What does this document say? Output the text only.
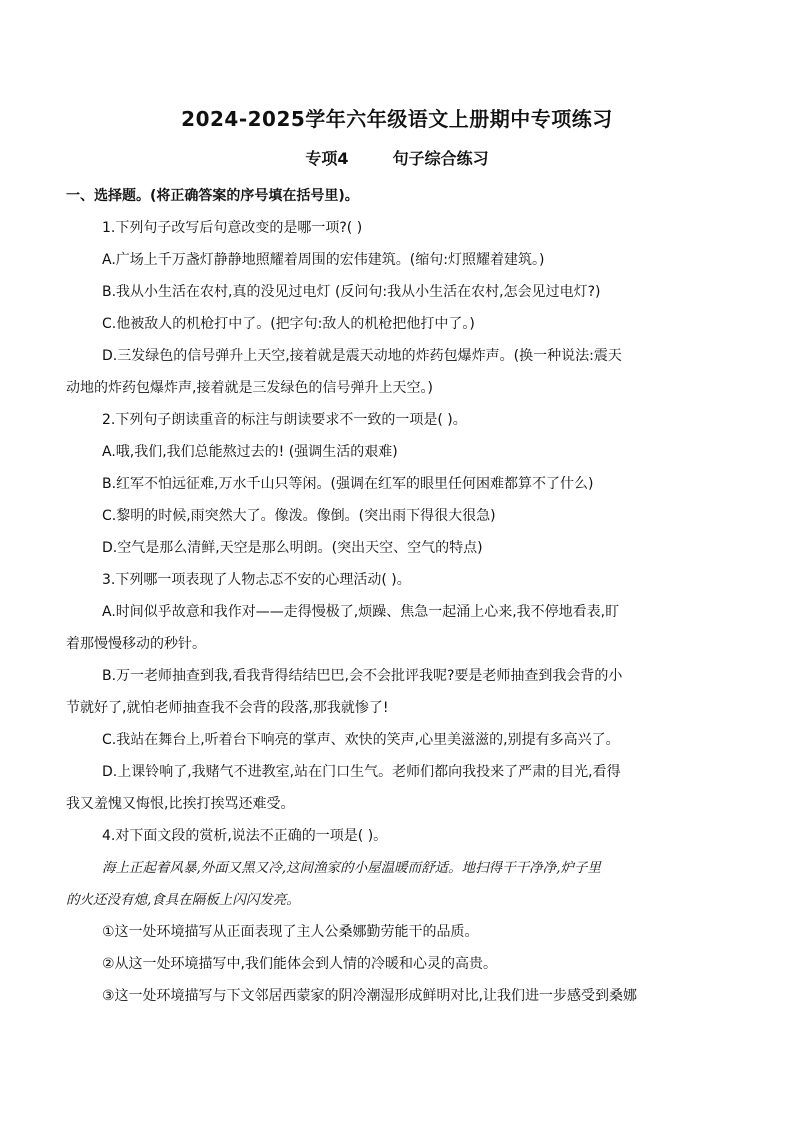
2024-2025学年六年级语文上册期中专项练习
专项4	句子综合练习
一、选择题。(将正确答案的序号填在括号里)。
1.下列句子改写后句意改变的是哪一项?( )
A.广场上千万盏灯静静地照耀着周围的宏伟建筑。(缩句:灯照耀着建筑。)
B.我从小生活在农村,真的没见过电灯 (反问句:我从小生活在农村,怎会见过电灯?)
C.他被敌人的机枪打中了。(把字句:敌人的机枪把他打中了。)
D.三发绿色的信号弹升上天空,接着就是震天动地的炸药包爆炸声。(换一种说法:震天
动地的炸药包爆炸声,接着就是三发绿色的信号弹升上天空。)
2.下列句子朗读重音的标注与朗读要求不一致的一项是( )。
A.哦,我们,我们总能熬过去的! (强调生活的艰难)
B.红军不怕远征难,万水千山只等闲。(强调在红军的眼里任何困难都算不了什么)
C.黎明的时候,雨突然大了。像泼。像倒。(突出雨下得很大很急)
D.空气是那么清鲜,天空是那么明朗。(突出天空、空气的特点)
3.下列哪一项表现了人物忐忑不安的心理活动( )。
A.时间似乎故意和我作对——走得慢极了,烦躁、焦急一起涌上心来,我不停地看表,盯
着那慢慢移动的秒针。
B.万一老师抽查到我,看我背得结结巴巴,会不会批评我呢?要是老师抽查到我会背的小
节就好了,就怕老师抽查我不会背的段落,那我就惨了!
C.我站在舞台上,听着台下响亮的掌声、欢快的笑声,心里美滋滋的,别提有多高兴了。
D.上课铃响了,我赌气不进教室,站在门口生气。老师们都向我投来了严肃的目光,看得
我又羞愧又悔恨,比挨打挨骂还难受。
4.对下面文段的赏析,说法不正确的一项是( )。
海上正起着风暴,外面又黑又冷,这间渔家的小屋温暖而舒适。地扫得干干净净,炉子里
的火还没有熄,食具在隔板上闪闪发亮。
①这一处环境描写从正面表现了主人公桑娜勤劳能干的品质。
②从这一处环境描写中,我们能体会到人情的冷暖和心灵的高贵。
③这一处环境描写与下文邻居西蒙家的阴冷潮湿形成鲜明对比,让我们进一步感受到桑娜
